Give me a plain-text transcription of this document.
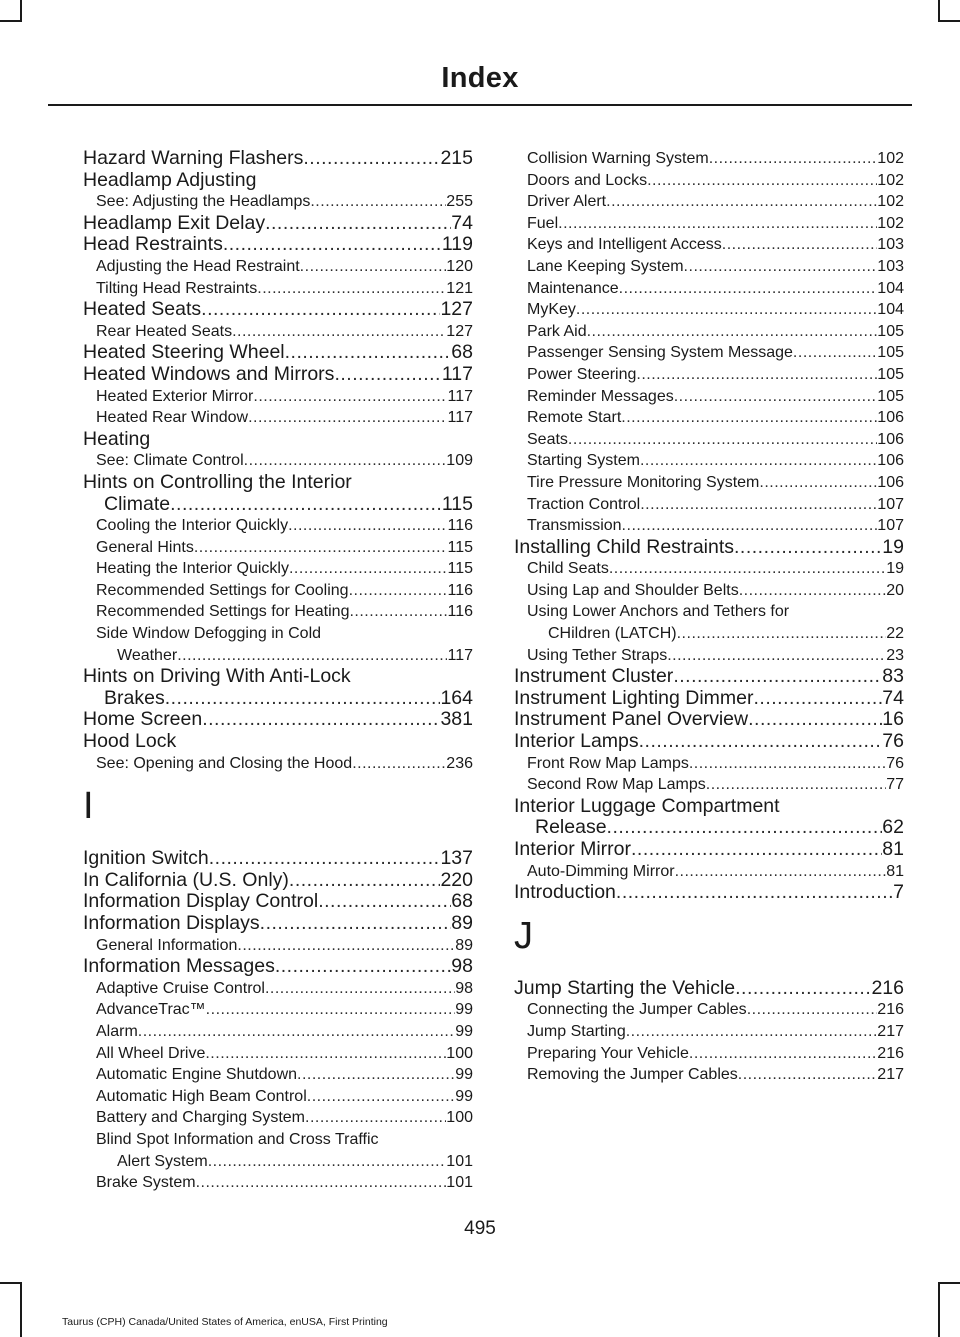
Index
Hazard Warning Flashers .....	215
Headlamp Adjusting
See: Adjusting the Headlamps .....	255
Headlamp Exit Delay .....	74
Head Restraints .....	119
Adjusting the Head Restraint .....	120
Tilting Head Restraints .....	121
Heated Seats .....	127
Rear Heated Seats .....	127
Heated Steering Wheel .....	68
Heated Windows and Mirrors .....	117
Heated Exterior Mirror .....	117
Heated Rear Window .....	117
Heating
See: Climate Control .....	109
Hints on Controlling the Interior
Climate .....	115
Cooling the Interior Quickly .....	116
General Hints .....	115
Heating the Interior Quickly .....	115
Recommended Settings for Cooling .....	116
Recommended Settings for Heating .....	116
Side Window Defogging in Cold
Weather .....	117
Hints on Driving With Anti-Lock
Brakes .....	164
Home Screen .....	381
Hood Lock
See: Opening and Closing the Hood .....	236
I
Ignition Switch .....	137
In California (U.S. Only) .....	220
Information Display Control .....	68
Information Displays .....	89
General Information .....	89
Information Messages .....	98
Adaptive Cruise Control .....	98
AdvanceTrac™ .....	99
Alarm .....	99
All Wheel Drive .....	100
Automatic Engine Shutdown .....	99
Automatic High Beam Control .....	99
Battery and Charging System .....	100
Blind Spot Information and Cross Traffic
Alert System .....	101
Brake System .....	101
Collision Warning System .....	102
Doors and Locks .....	102
Driver Alert .....	102
Fuel .....	102
Keys and Intelligent Access .....	103
Lane Keeping System .....	103
Maintenance .....	104
MyKey .....	104
Park Aid .....	105
Passenger Sensing System Message .....	105
Power Steering .....	105
Reminder Messages .....	105
Remote Start .....	106
Seats .....	106
Starting System .....	106
Tire Pressure Monitoring System .....	106
Traction Control .....	107
Transmission .....	107
Installing Child Restraints .....	19
Child Seats .....	19
Using Lap and Shoulder Belts .....	20
Using Lower Anchors and Tethers for
CHildren (LATCH) .....	22
Using Tether Straps .....	23
Instrument Cluster .....	83
Instrument Lighting Dimmer .....	74
Instrument Panel Overview .....	16
Interior Lamps .....	76
Front Row Map Lamps .....	76
Second Row Map Lamps .....	77
Interior Luggage Compartment
Release .....	62
Interior Mirror .....	81
Auto-Dimming Mirror .....	81
Introduction .....	7
J
Jump Starting the Vehicle .....	216
Connecting the Jumper Cables .....	216
Jump Starting .....	217
Preparing Your Vehicle .....	216
Removing the Jumper Cables .....	217
495
Taurus (CPH) Canada/United States of America, enUSA, First Printing
